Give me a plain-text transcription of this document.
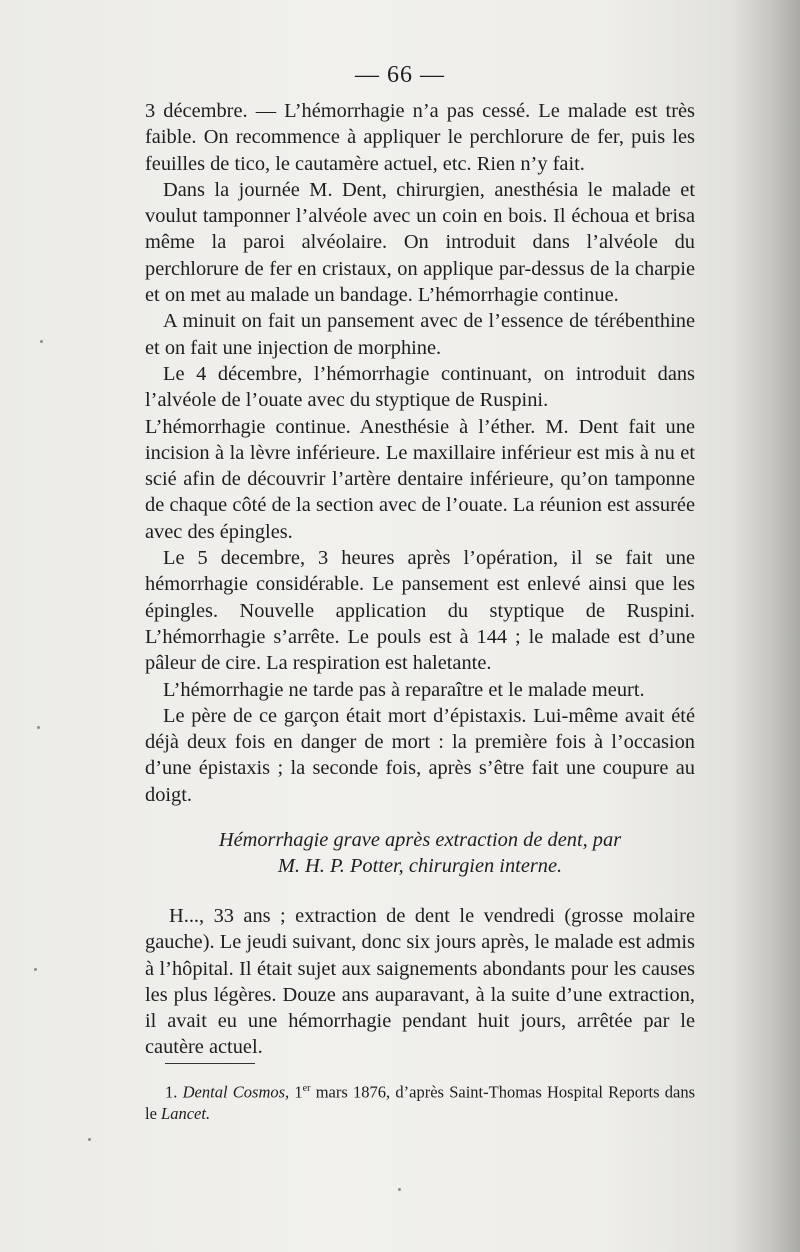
— 66 —

3 décembre. — L’hémorrhagie n’a pas cessé. Le malade est très faible. On recommence à appliquer le perchlorure de fer, puis les feuilles de tico, le cautamère actuel, etc. Rien n’y fait.

Dans la journée M. Dent, chirurgien, anesthésia le malade et voulut tamponner l’alvéole avec un coin en bois. Il échoua et brisa même la paroi alvéolaire. On introduit dans l’alvéole du perchlorure de fer en cristaux, on applique par-dessus de la charpie et on met au malade un bandage. L’hémorrhagie continue.

A minuit on fait un pansement avec de l’essence de térébenthine et on fait une injection de morphine.

Le 4 décembre, l’hémorrhagie continuant, on introduit dans l’alvéole de l’ouate avec du styptique de Ruspini.

L’hémorrhagie continue. Anesthésie à l’éther. M. Dent fait une incision à la lèvre inférieure. Le maxillaire inférieur est mis à nu et scié afin de découvrir l’artère dentaire inférieure, qu’on tamponne de chaque côté de la section avec de l’ouate. La réunion est assurée avec des épingles.

Le 5 decembre, 3 heures après l’opération, il se fait une hémorrhagie considérable. Le pansement est enlevé ainsi que les épingles. Nouvelle application du styptique de Ruspini. L’hémorrhagie s’arrête. Le pouls est à 144 ; le malade est d’une pâleur de cire. La respiration est haletante.

L’hémorrhagie ne tarde pas à reparaître et le malade meurt.

Le père de ce garçon était mort d’épistaxis. Lui-même avait été déjà deux fois en danger de mort : la première fois à l’occasion d’une épistaxis ; la seconde fois, après s’être fait une coupure au doigt.

Hémorrhagie grave après extraction de dent, par
M. H. P. Potter, chirurgien interne.

H..., 33 ans ; extraction de dent le vendredi (grosse molaire gauche). Le jeudi suivant, donc six jours après, le malade est admis à l’hôpital. Il était sujet aux saignements abondants pour les causes les plus légères. Douze ans auparavant, à la suite d’une extraction, il avait eu une hémorrhagie pendant huit jours, arrêtée par le cautère actuel.

1. Dental Cosmos, 1er mars 1876, d’après Saint-Thomas Hospital Reports dans le Lancet.
